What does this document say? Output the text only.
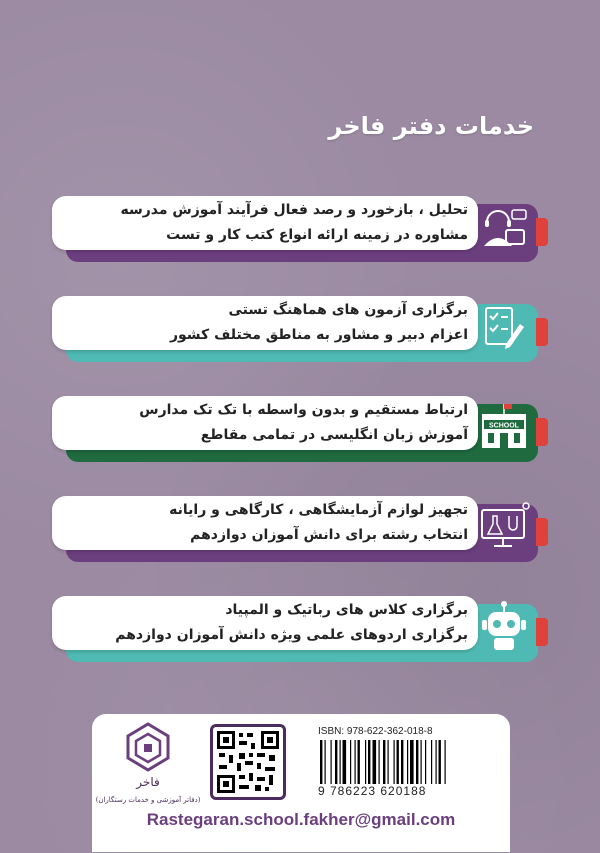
خدمات دفتر فاخر
تحلیل ، بازخورد و رصد فعال فرآیند آموزش مدرسه
مشاوره در زمینه ارائه انواع کتب کار و تست
برگزاری آزمون های هماهنگ تستی
اعزام دبیر و مشاور به مناطق مختلف کشور
SCHOOL
ارتباط مستقیم و بدون واسطه با تک تک مدارس
آموزش زبان انگلیسی در تمامی مقاطع
تجهیز لوازم آزمایشگاهی ، کارگاهی و رایانه
انتخاب رشته برای دانش آموزان دوازدهم
برگزاری کلاس های رباتیک و المپیاد
برگزاری اردوهای علمی ویژه دانش آموزان دوازدهم
فاخر
(دفاتر آموزشی و خدمات رستگاران)
ISBN: 978-622-362-018-8
9 786223 620188
Rastegaran.school.fakher@gmail.com
